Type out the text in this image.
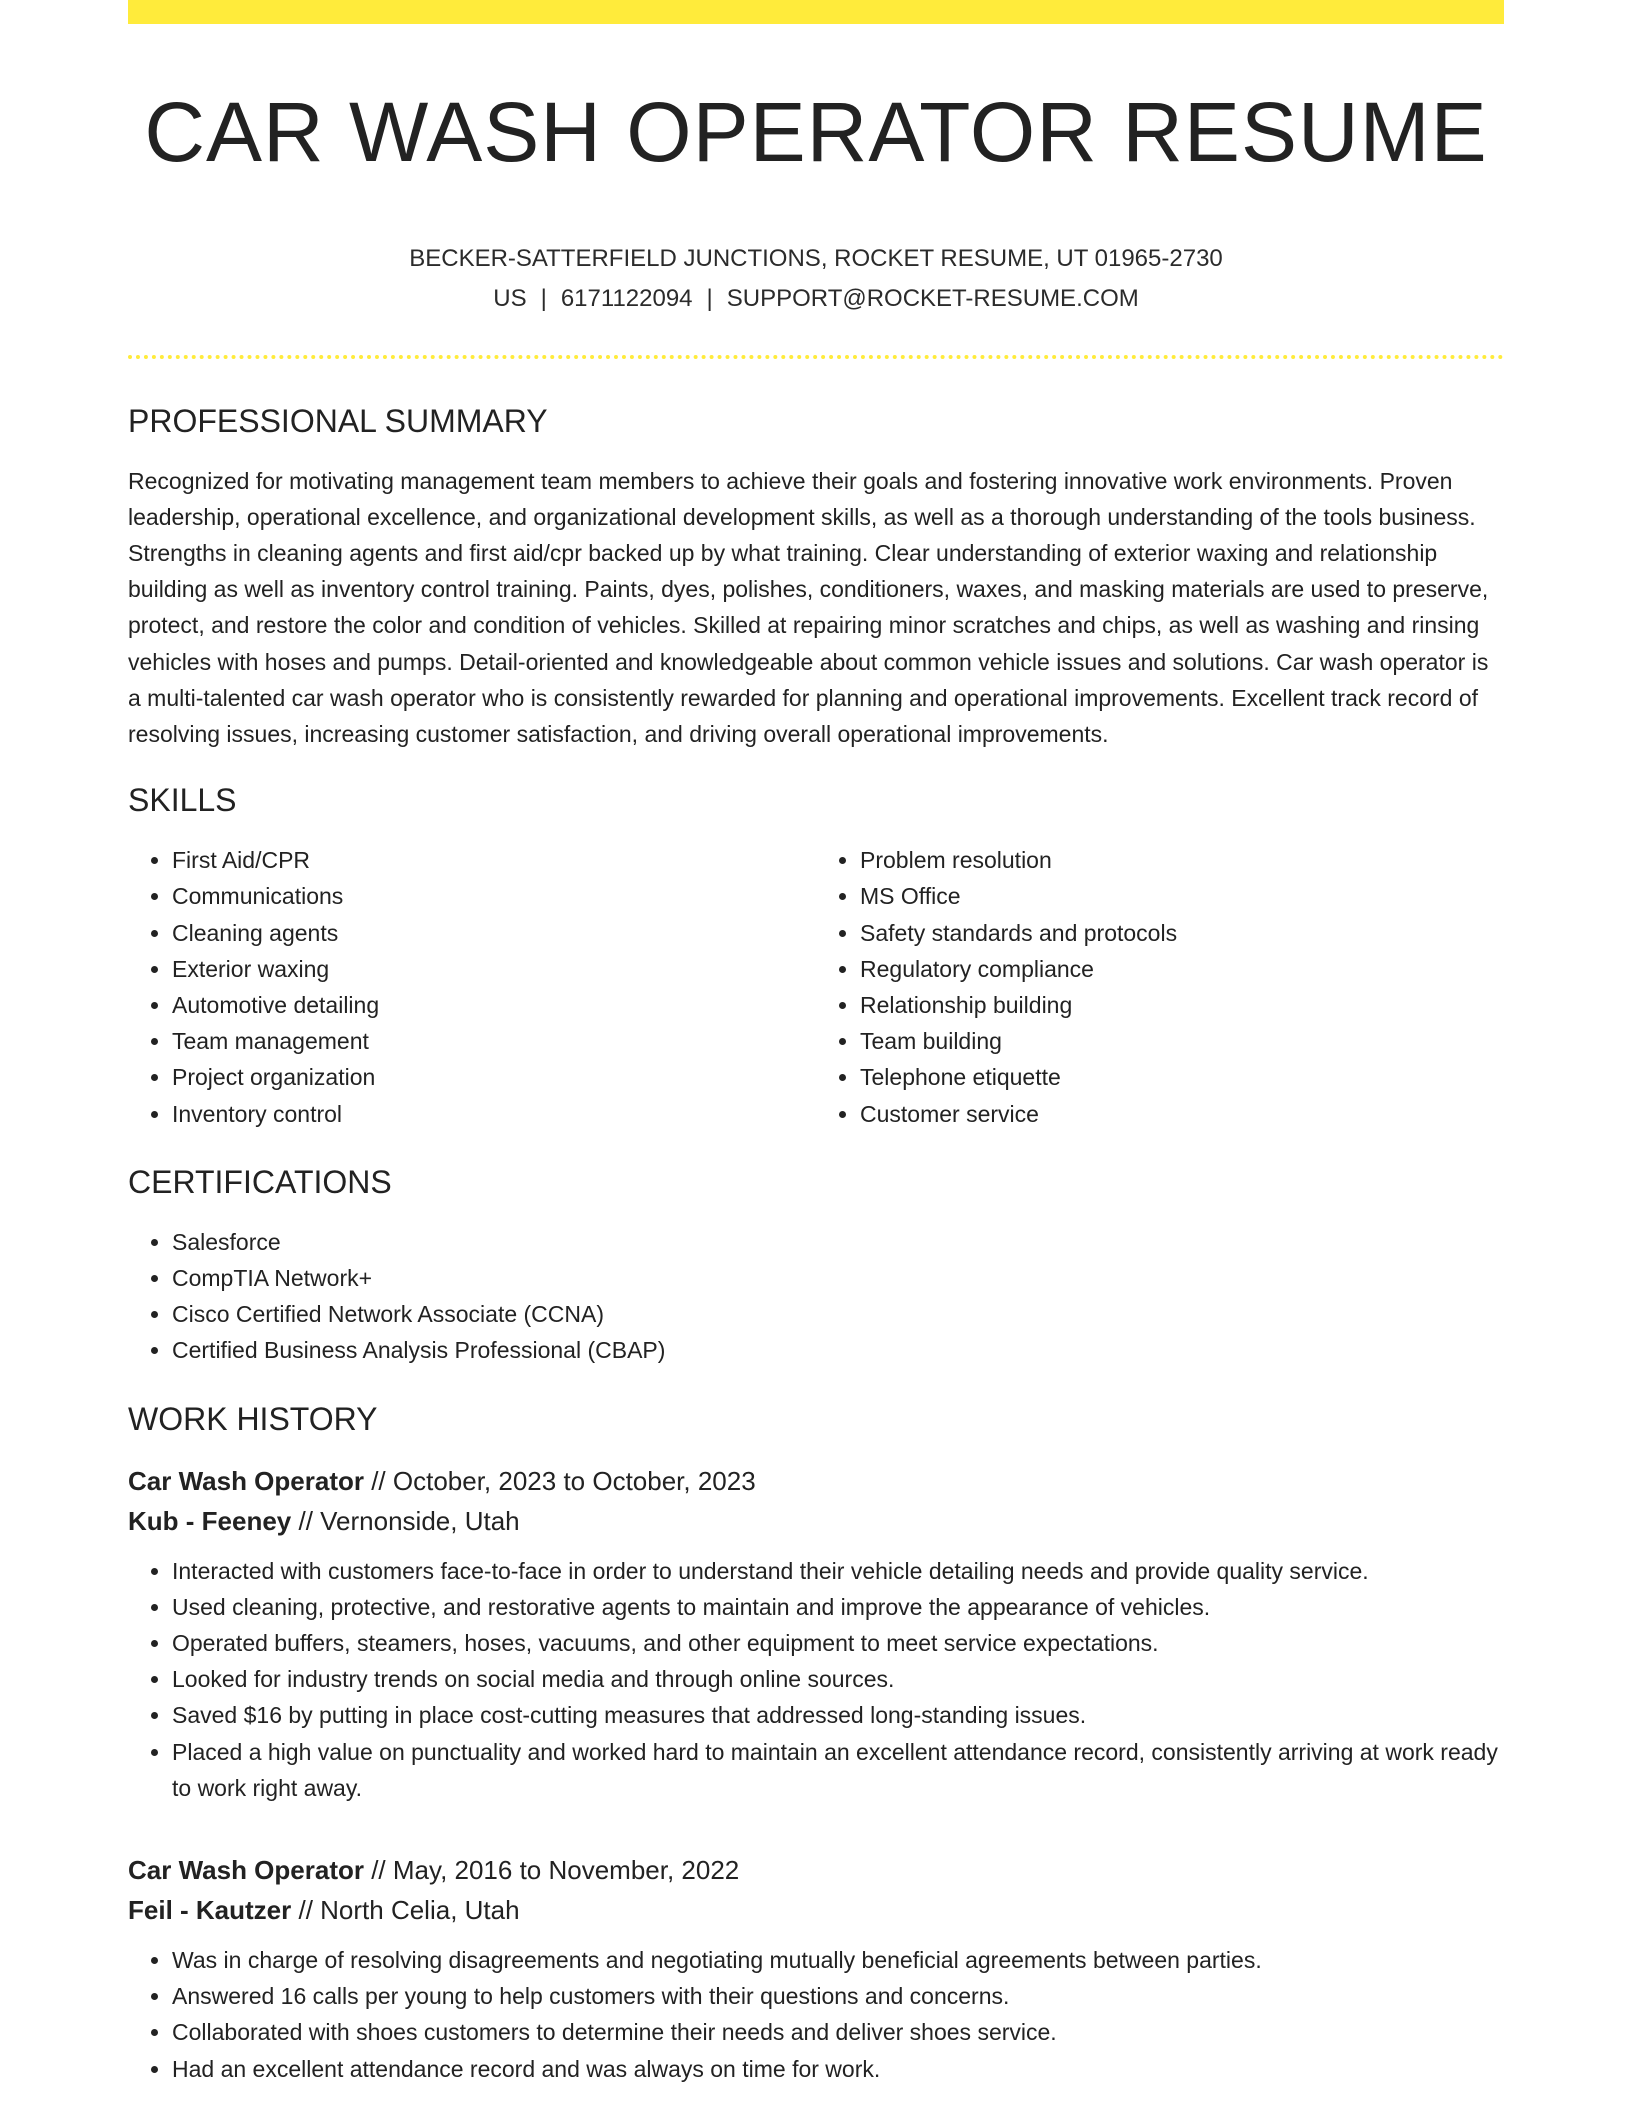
CAR WASH OPERATOR RESUME
BECKER-SATTERFIELD JUNCTIONS, ROCKET RESUME, UT 01965-2730 US | 6171122094 | SUPPORT@ROCKET-RESUME.COM
PROFESSIONAL SUMMARY

Recognized for motivating management team members to achieve their goals and fostering innovative work environments. Proven leadership, operational excellence, and organizational development skills, as well as a thorough understanding of the tools business. Strengths in cleaning agents and first aid/cpr backed up by what training. Clear understanding of exterior waxing and relationship building as well as inventory control training. Paints, dyes, polishes, conditioners, waxes, and masking materials are used to preserve, protect, and restore the color and condition of vehicles. Skilled at repairing minor scratches and chips, as well as washing and rinsing vehicles with hoses and pumps. Detail-oriented and knowledgeable about common vehicle issues and solutions. Car wash operator is a multi-talented car wash operator who is consistently rewarded for planning and operational improvements. Excellent track record of resolving issues, increasing customer satisfaction, and driving overall operational improvements.

SKILLS
• First Aid/CPR
• Communications
• Cleaning agents
• Exterior waxing
• Automotive detailing
• Team management
• Project organization
• Inventory control
• Problem resolution
• MS Office
• Safety standards and protocols
• Regulatory compliance
• Relationship building
• Team building
• Telephone etiquette
• Customer service
CERTIFICATIONS
• Salesforce
• CompTIA Network+
• Cisco Certified Network Associate (CCNA)
• Certified Business Analysis Professional (CBAP)
WORK HISTORY
Car Wash Operator // October, 2023 to October, 2023
Kub - Feeney // Vernonside, Utah
• Interacted with customers face-to-face in order to understand their vehicle detailing needs and provide quality service.
• Used cleaning, protective, and restorative agents to maintain and improve the appearance of vehicles.
• Operated buffers, steamers, hoses, vacuums, and other equipment to meet service expectations.
• Looked for industry trends on social media and through online sources.
• Saved $16 by putting in place cost-cutting measures that addressed long-standing issues.
• Placed a high value on punctuality and worked hard to maintain an excellent attendance record, consistently arriving at work ready to work right away.
Car Wash Operator // May, 2016 to November, 2022
Feil - Kautzer // North Celia, Utah
• Was in charge of resolving disagreements and negotiating mutually beneficial agreements between parties.
• Answered 16 calls per young to help customers with their questions and concerns.
• Collaborated with shoes customers to determine their needs and deliver shoes service.
• Had an excellent attendance record and was always on time for work.
